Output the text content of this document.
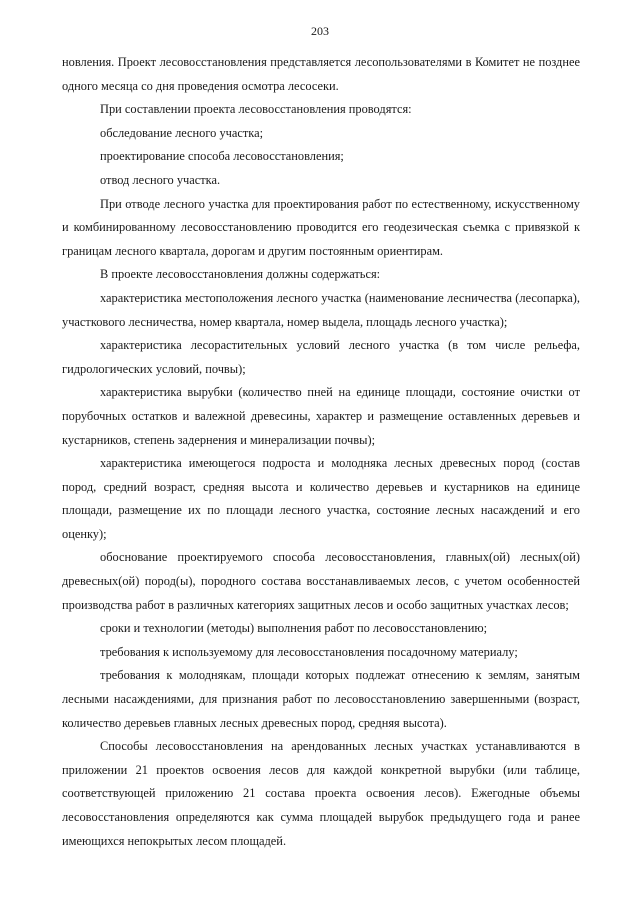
203

новления. Проект лесовосстановления представляется лесопользователями в Комитет не позднее одного месяца со дня проведения осмотра лесосеки.

При составлении проекта лесовосстановления проводятся:

обследование лесного участка;

проектирование способа лесовосстановления;

отвод лесного участка.

При отводе лесного участка для проектирования работ по естественному, искусственному и комбинированному лесовосстановлению проводится его геодезическая съемка с привязкой к границам лесного квартала, дорогам и другим постоянным ориентирам.

В проекте лесовосстановления должны содержаться:

характеристика местоположения лесного участка (наименование лесничества (лесопарка), участкового лесничества, номер квартала, номер выдела, площадь лесного участка);

характеристика лесорастительных условий лесного участка (в том числе рельефа, гидрологических условий, почвы);

характеристика вырубки (количество пней на единице площади, состояние очистки от порубочных остатков и валежной древесины, характер и размещение оставленных деревьев и кустарников, степень задернения и минерализации почвы);

характеристика имеющегося подроста и молодняка лесных древесных пород (состав пород, средний возраст, средняя высота и количество деревьев и кустарников на единице площади, размещение их по площади лесного участка, состояние лесных насаждений и его оценку);

обоснование проектируемого способа лесовосстановления, главных(ой) лесных(ой) древесных(ой) пород(ы), породного состава восстанавливаемых лесов, с учетом особенностей производства работ в различных категориях защитных лесов и особо защитных участках лесов;

сроки и технологии (методы) выполнения работ по лесовосстановлению;

требования к используемому для лесовосстановления посадочному материалу;

требования к молоднякам, площади которых подлежат отнесению к землям, занятым лесными насаждениями, для признания работ по лесовосстановлению завершенными (возраст, количество деревьев главных лесных древесных пород, средняя высота).

Способы лесовосстановления на арендованных лесных участках устанавливаются в приложении 21 проектов освоения лесов для каждой конкретной вырубки (или таблице, соответствующей приложению 21 состава проекта освоения лесов). Ежегодные объемы лесовосстановления определяются как сумма площадей вырубок предыдущего года и ранее имеющихся непокрытых лесом площадей.
